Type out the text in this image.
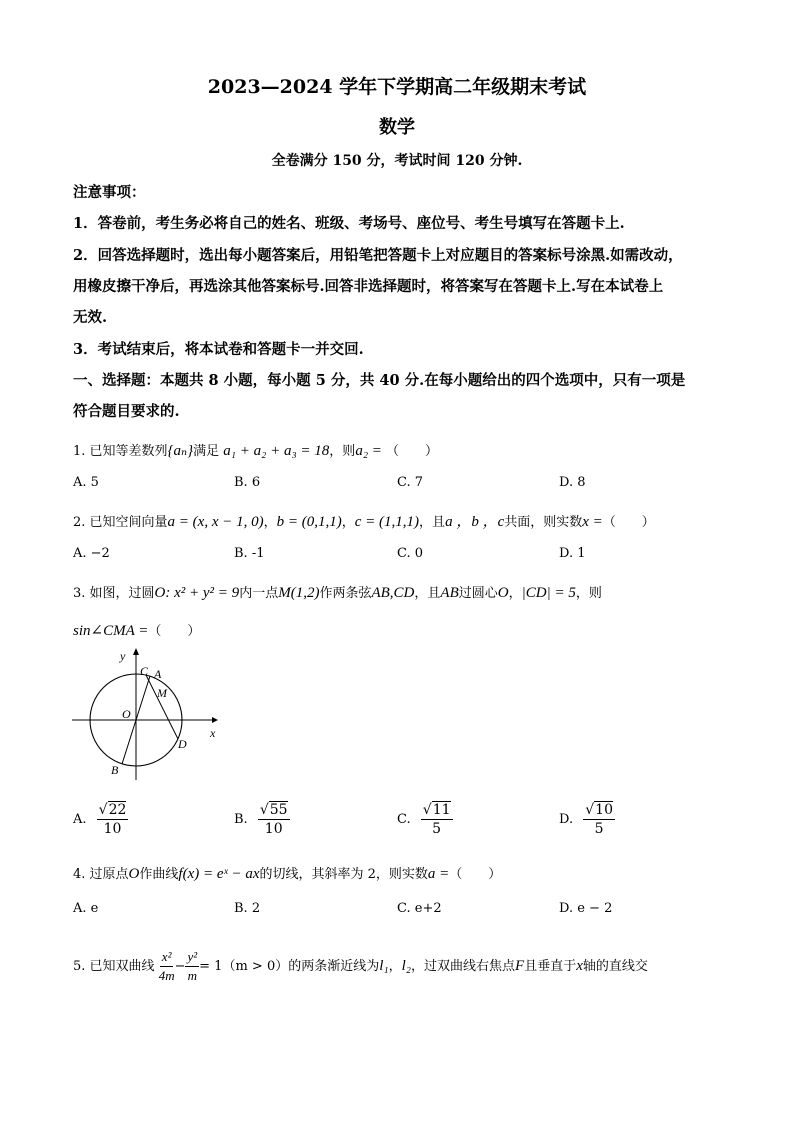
2023—2024 学年下学期高二年级期末考试
数学
全卷满分 150 分，考试时间 120 分钟.
注意事项：
1．答卷前，考生务必将自己的姓名、班级、考场号、座位号、考生号填写在答题卡上.
2．回答选择题时，选出每小题答案后，用铅笔把答题卡上对应题目的答案标号涂黑.如需改动，
用橡皮擦干净后，再选涂其他答案标号.回答非选择题时，将答案写在答题卡上.写在本试卷上
无效.
3．考试结束后，将本试卷和答题卡一并交回.
一、选择题：本题共 8 小题，每小题 5 分，共 40 分.在每小题给出的四个选项中，只有一项是
符合题目要求的.
1. 已知等差数列{aₙ}满足 a₁ + a₂ + a₃ = 18，则a₂ = （　　）
A. 5	B. 6	C. 7	D. 8
2. 已知空间向量a = (x, x − 1, 0)，b = (0,1,1)，c = (1,1,1)，且a ，b ，c共面，则实数x =（　　）
A. −2	B. -1	C. 0	D. 1
3. 如图，过圆O: x² + y² = 9内一点M(1,2)作两条弦AB,CD，且AB过圆心O，|CD| = 5，则
sin∠CMA =（　　）
y
x
O
C A
M
D
B
A. $\frac{√22}{10}$	B. $\frac{√55}{10}$	C. $\frac{√11}{5}$	D. $\frac{√10}{5}$
4. 过原点O作曲线f(x) = eˣ − ax的切线，其斜率为 2，则实数a =（　　）
A. e	B. 2	C. e+2	D. e − 2
5. 已知双曲线 $\frac{\text{x²}}{4m} - \frac{\text{y²}}{m} = 1(m > 0)$的两条渐近线为l₁，l₂，过双曲线右焦点F且垂直于x轴的直线交
